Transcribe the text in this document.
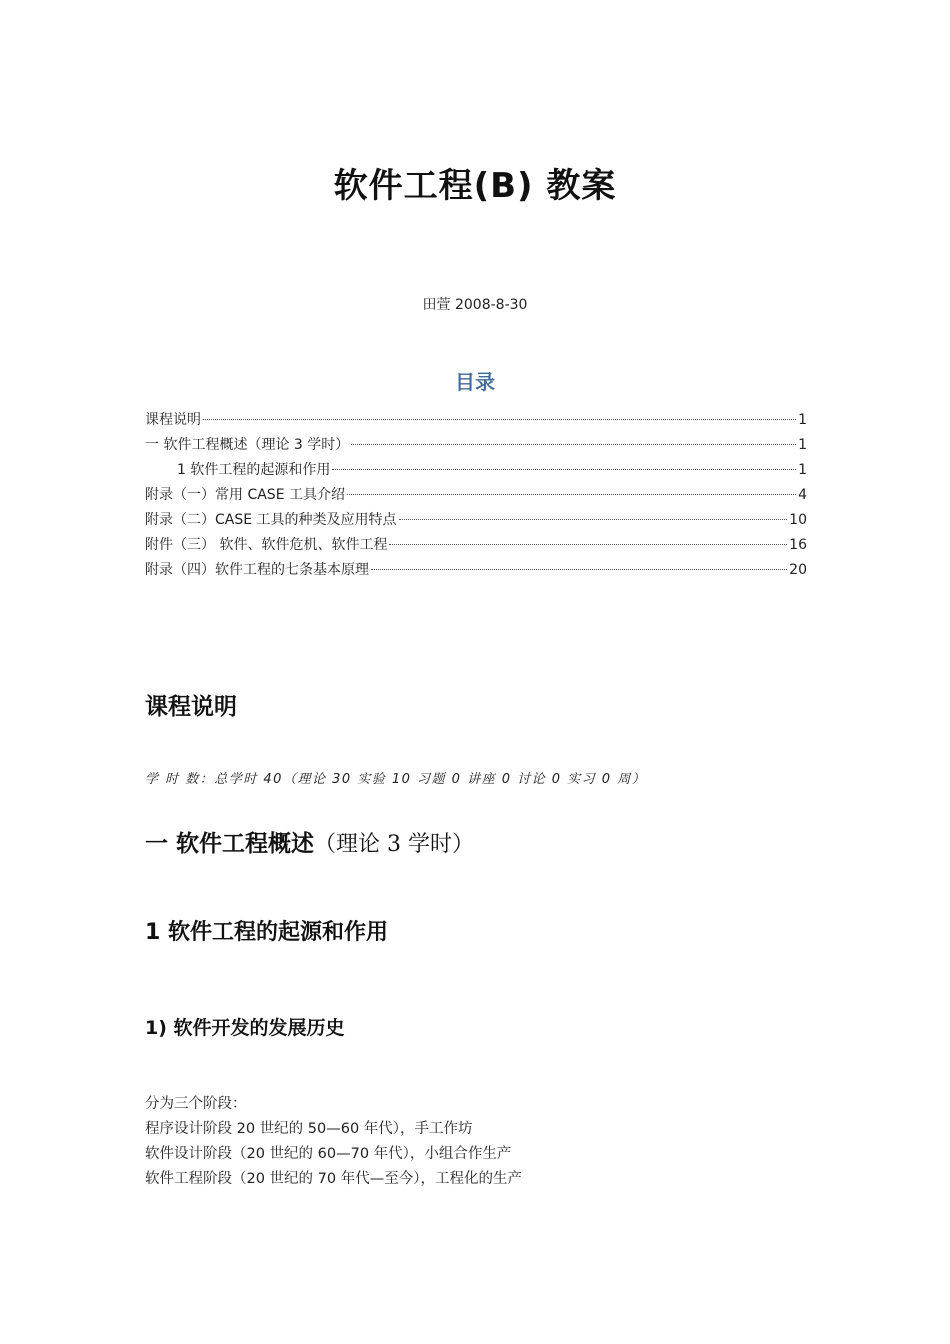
软件工程(B) 教案
田萱 2008-8-30
目录
课程说明	1
一 软件工程概述（理论 3 学时）	1
1 软件工程的起源和作用	1
附录（一）常用 CASE 工具介绍	4
附录（二）CASE 工具的种类及应用特点	10
附件（三） 软件、软件危机、软件工程	16
附录（四）软件工程的七条基本原理	20
课程说明
学 时 数：总学时 40（理论 30 实验 10 习题 0 讲座 0 讨论 0 实习 0 周）
一 软件工程概述（理论 3 学时）
1 软件工程的起源和作用
1) 软件开发的发展历史
分为三个阶段：
程序设计阶段 20 世纪的 50—60 年代），手工作坊
软件设计阶段（20 世纪的 60—70 年代），小组合作生产
软件工程阶段（20 世纪的 70 年代—至今），工程化的生产
